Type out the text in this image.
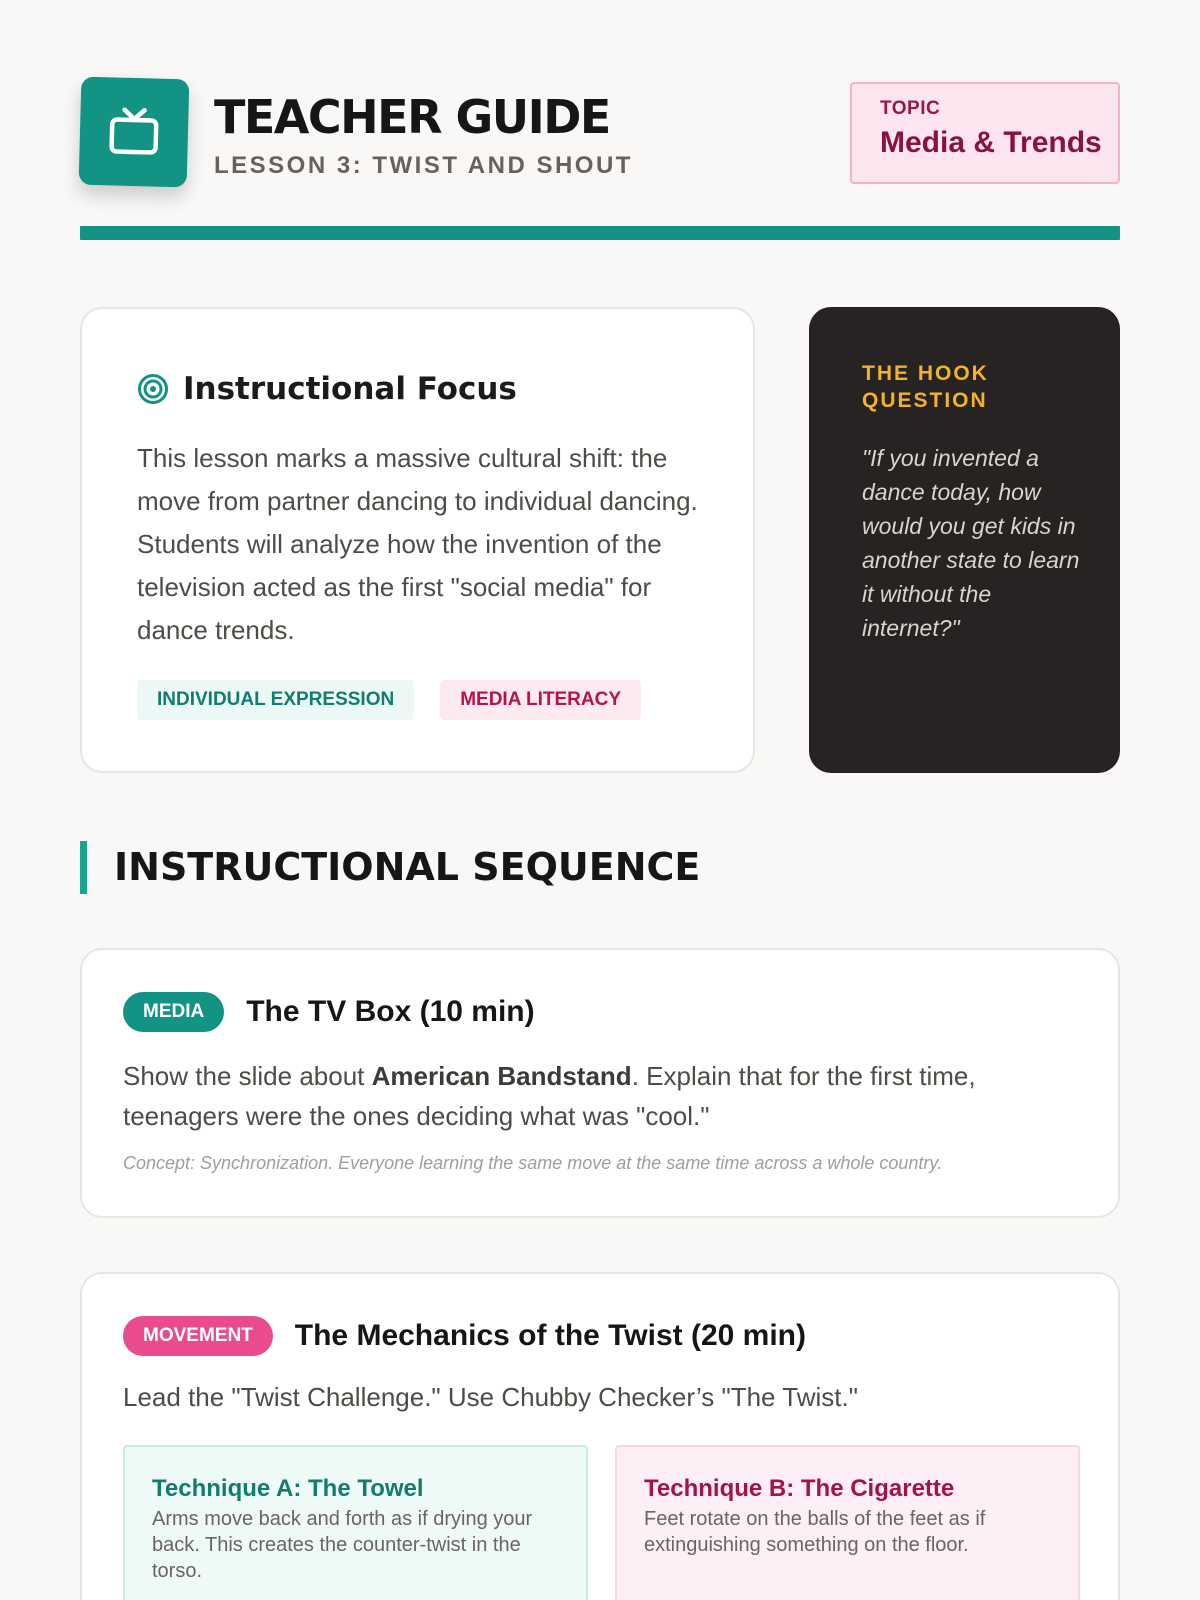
TEACHER GUIDE
LESSON 3: TWIST AND SHOUT
TOPIC
Media & Trends
Instructional Focus

This lesson marks a massive cultural shift: the move from partner dancing to individual dancing. Students will analyze how the invention of the television acted as the first "social media" for dance trends.

INDIVIDUAL EXPRESSION	MEDIA LITERACY
THE HOOK QUESTION

"If you invented a dance today, how would you get kids in another state to learn it without the internet?"

INSTRUCTIONAL SEQUENCE
MEDIA	The TV Box (10 min)

Show the slide about American Bandstand. Explain that for the first time, teenagers were the ones deciding what was "cool."

Concept: Synchronization. Everyone learning the same move at the same time across a whole country.

MOVEMENT	The Mechanics of the Twist (20 min)

Lead the "Twist Challenge." Use Chubby Checker’s "The Twist."

Technique A: The Towel

Arms move back and forth as if drying your back. This creates the counter-twist in the torso.

Technique B: The Cigarette

Feet rotate on the balls of the feet as if extinguishing something on the floor.
